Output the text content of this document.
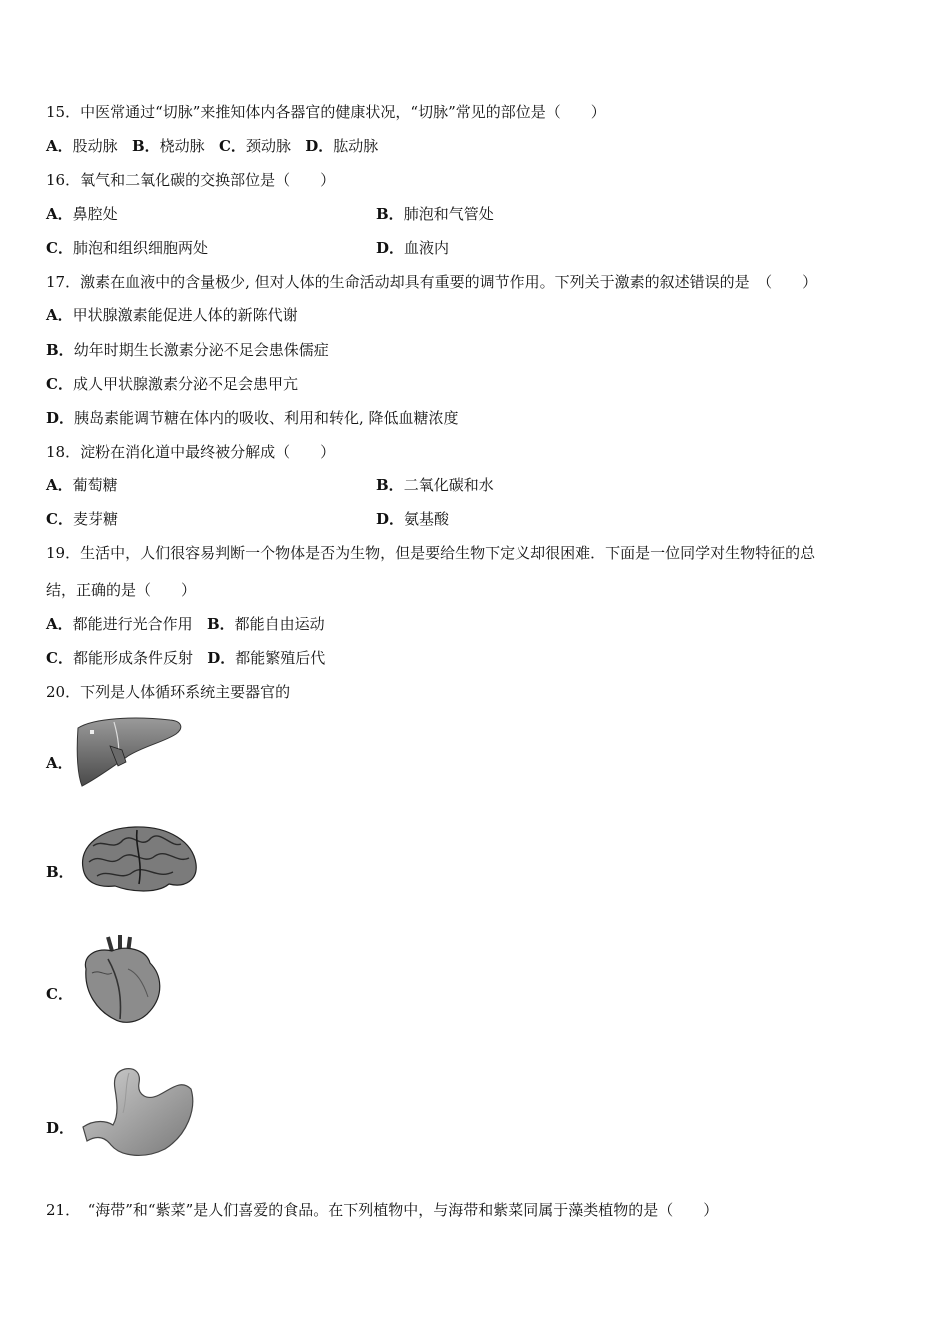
15．中医常通过“切脉”来推知体内各器官的健康状况，“切脉”常见的部位是（　　）
A．股动脉 B．桡动脉 C．颈动脉 D．肱动脉
16．氧气和二氧化碳的交换部位是（　　）
A．鼻腔处	B．肺泡和气管处
C．肺泡和组织细胞两处	D．血液内
17．激素在血液中的含量极少, 但对人体的生命活动却具有重要的调节作用。下列关于激素的叙述错误的是　（　　）
A．甲状腺激素能促进人体的新陈代谢
B．幼年时期生长激素分泌不足会患侏儒症
C．成人甲状腺激素分泌不足会患甲亢
D．胰岛素能调节糖在体内的吸收、利用和转化, 降低血糖浓度
18．淀粉在消化道中最终被分解成（　　）
A．葡萄糖	B．二氧化碳和水
C．麦芽糖	D．氨基酸
19．生活中，人们很容易判断一个物体是否为生物，但是要给生物下定义却很困难．下面是一位同学对生物特征的总
结，正确的是（　　）
A．都能进行光合作用 B．都能自由运动
C．都能形成条件反射 D．都能繁殖后代
20．下列是人体循环系统主要器官的
A．
B．
C．
D．
21．　“海带”和“紫菜”是人们喜爱的食品。在下列植物中，与海带和紫菜同属于藻类植物的是（　　）
